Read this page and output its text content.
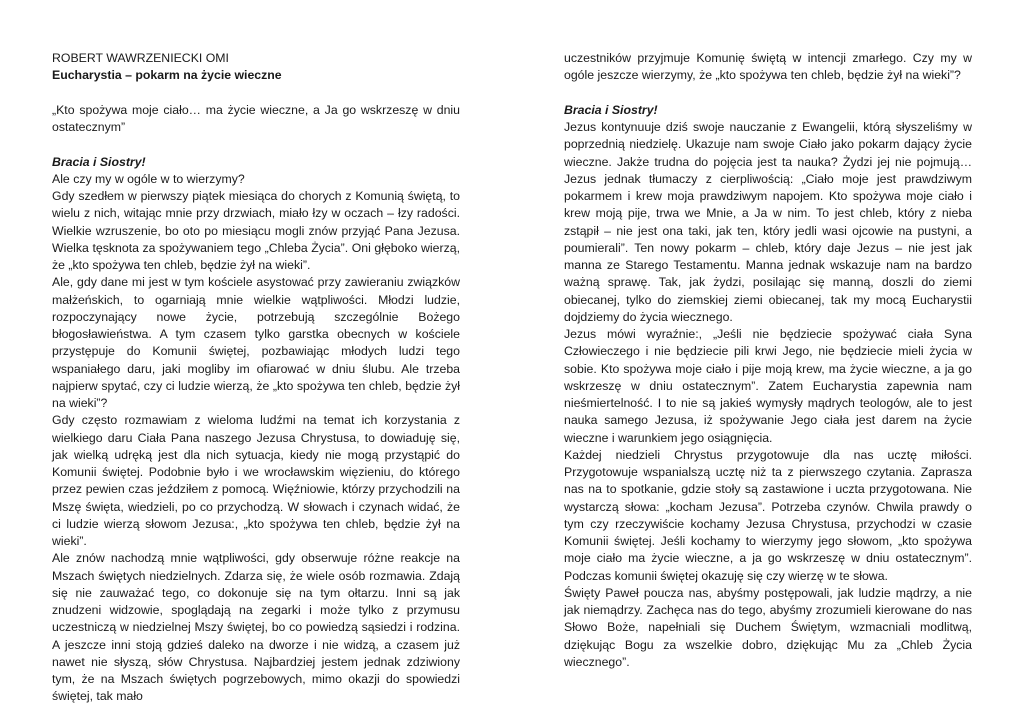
ROBERT WAWRZENIECKI OMI

Eucharystia – pokarm na życie wieczne

„Kto spożywa moje ciało… ma życie wieczne, a Ja go wskrzeszę w dniu ostatecznym”

Bracia i Siostry!

Ale czy my w ogóle w to wierzymy?

Gdy szedłem w pierwszy piątek miesiąca do chorych z Komunią świętą, to wielu z nich, witając mnie przy drzwiach, miało łzy w oczach – łzy radości. Wielkie wzruszenie, bo oto po miesiącu mogli znów przyjąć Pana Jezusa. Wielka tęsknota za spożywaniem tego „Chleba Życia”. Oni głęboko wierzą, że „kto spożywa ten chleb, będzie żył na wieki”.

Ale, gdy dane mi jest w tym kościele asystować przy zawieraniu związków małżeńskich, to ogarniają mnie wielkie wątpliwości. Młodzi ludzie, rozpoczynający nowe życie, potrzebują szczególnie Bożego błogosławieństwa. A tym czasem tylko garstka obecnych w kościele przystępuje do Komunii świętej, pozbawiając młodych ludzi tego wspaniałego daru, jaki mogliby im ofiarować w dniu ślubu. Ale trzeba najpierw spytać, czy ci ludzie wierzą, że „kto spożywa ten chleb, będzie żył na wieki”?

Gdy często rozmawiam z wieloma ludźmi na temat ich korzystania z wielkiego daru Ciała Pana naszego Jezusa Chrystusa, to dowiaduję się, jak wielką udręką jest dla nich sytuacja, kiedy nie mogą przystąpić do Komunii świętej. Podobnie było i we wrocławskim więzieniu, do którego przez pewien czas jeździłem z pomocą. Więźniowie, którzy przychodzili na Mszę święta, wiedzieli, po co przychodzą. W słowach i czynach widać, że ci ludzie wierzą słowom Jezusa:, „kto spożywa ten chleb, będzie żył na wieki”.

Ale znów nachodzą mnie wątpliwości, gdy obserwuje różne reakcje na Mszach świętych niedzielnych. Zdarza się, że wiele osób rozmawia. Zdają się nie zauważać tego, co dokonuje się na tym ołtarzu. Inni są jak znudzeni widzowie, spoglądają na zegarki i może tylko z przymusu uczestniczą w niedzielnej Mszy świętej, bo co powiedzą sąsiedzi i rodzina. A jeszcze inni stoją gdzieś daleko na dworze i nie widzą, a czasem już nawet nie słyszą, słów Chrystusa. Najbardziej jestem jednak zdziwiony tym, że na Mszach świętych pogrzebowych, mimo okazji do spowiedzi świętej, tak mało

uczestników przyjmuje Komunię świętą w intencji zmarłego. Czy my w ogóle jeszcze wierzymy, że „kto spożywa ten chleb, będzie żył na wieki”?

Bracia i Siostry!

Jezus kontynuuje dziś swoje nauczanie z Ewangelii, którą słyszeliśmy w poprzednią niedzielę. Ukazuje nam swoje Ciało jako pokarm dający życie wieczne. Jakże trudna do pojęcia jest ta nauka? Żydzi jej nie pojmują… Jezus jednak tłumaczy z cierpliwością: „Ciało moje jest prawdziwym pokarmem i krew moja prawdziwym napojem. Kto spożywa moje ciało i krew moją pije, trwa we Mnie, a Ja w nim. To jest chleb, który z nieba zstąpił – nie jest ona taki, jak ten, który jedli wasi ojcowie na pustyni, a poumierali”. Ten nowy pokarm – chleb, który daje Jezus – nie jest jak manna ze Starego Testamentu. Manna jednak wskazuje nam na bardzo ważną sprawę. Tak, jak żydzi, posilając się manną, doszli do ziemi obiecanej, tylko do ziemskiej ziemi obiecanej, tak my mocą Eucharystii dojdziemy do życia wiecznego.

Jezus mówi wyraźnie:, „Jeśli nie będziecie spożywać ciała Syna Człowieczego i nie będziecie pili krwi Jego, nie będziecie mieli życia w sobie. Kto spożywa moje ciało i pije moją krew, ma życie wieczne, a ja go wskrzeszę w dniu ostatecznym”. Zatem Eucharystia zapewnia nam nieśmiertelność. I to nie są jakieś wymysły mądrych teologów, ale to jest nauka samego Jezusa, iż spożywanie Jego ciała jest darem na życie wieczne i warunkiem jego osiągnięcia.

Każdej niedzieli Chrystus przygotowuje dla nas ucztę miłości. Przygotowuje wspanialszą ucztę niż ta z pierwszego czytania. Zaprasza nas na to spotkanie, gdzie stoły są zastawione i uczta przygotowana. Nie wystarczą słowa: „kocham Jezusa”. Potrzeba czynów. Chwila prawdy o tym czy rzeczywiście kochamy Jezusa Chrystusa, przychodzi w czasie Komunii świętej. Jeśli kochamy to wierzymy jego słowom, „kto spożywa moje ciało ma życie wieczne, a ja go wskrzeszę w dniu ostatecznym”. Podczas komunii świętej okazuję się czy wierzę w te słowa.

Święty Paweł poucza nas, abyśmy postępowali, jak ludzie mądrzy, a nie jak niemądrzy. Zachęca nas do tego, abyśmy zrozumieli kierowane do nas Słowo Boże, napełniali się Duchem Świętym, wzmacniali modlitwą, dziękując Bogu za wszelkie dobro, dziękując Mu za „Chleb Życia wiecznego”.
